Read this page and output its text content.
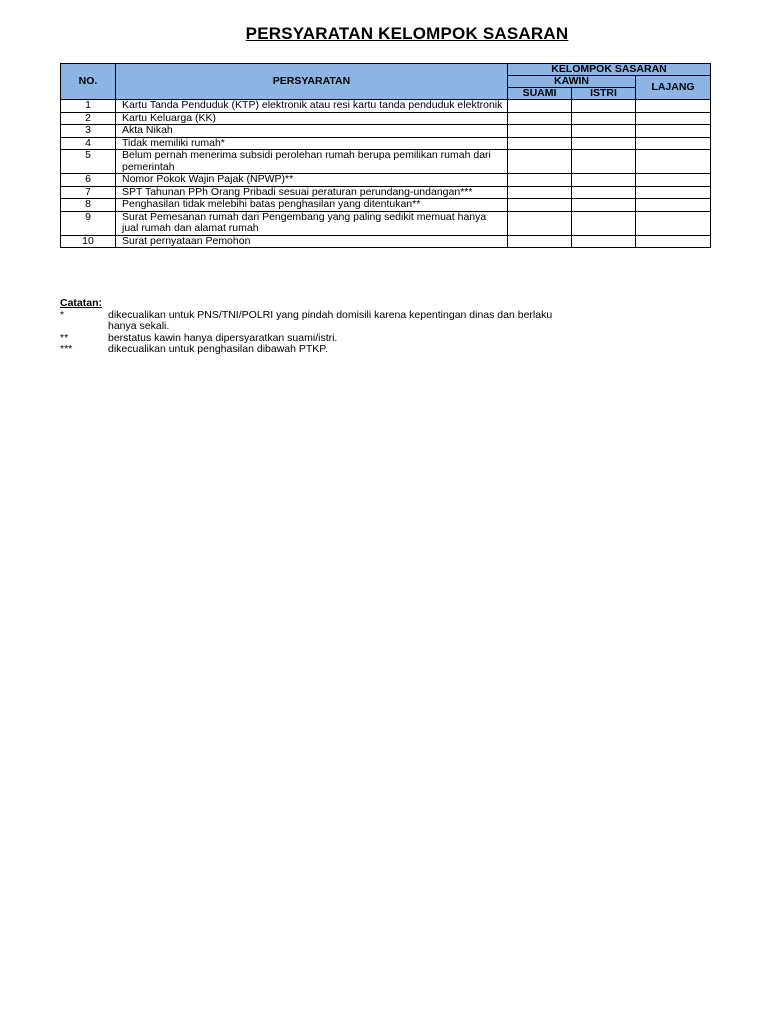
PERSYARATAN KELOMPOK SASARAN
NO.	PERSYARATAN	KELOMPOK SASARAN		
		KAWIN		LAJANG
		SUAMI	ISTRI	
1	Kartu Tanda Penduduk (KTP) elektronik atau resi kartu tanda penduduk elektronik			
2	Kartu Keluarga (KK)			
3	Akta Nikah			
4	Tidak memiliki rumah*			
5	Belum pernah menerima subsidi perolehan rumah berupa pemilikan rumah dari pemerintah			
6	Nomor Pokok Wajin Pajak (NPWP)**			
7	SPT Tahunan PPh Orang Pribadi sesuai peraturan perundang-undangan***			
8	Penghasilan tidak melebihi batas penghasilan yang ditentukan**			
9	Surat Pemesanan rumah dari Pengembang yang paling sedikit memuat hanya jual rumah dan alamat rumah			
10	Surat pernyataan Pemohon			
Catatan:
*	dikecualikan untuk PNS/TNI/POLRI yang pindah domisili karena kepentingan dinas dan berlaku hanya sekali.
**	berstatus kawin hanya dipersyaratkan suami/istri.
***	dikecualikan untuk penghasilan dibawah PTKP.
